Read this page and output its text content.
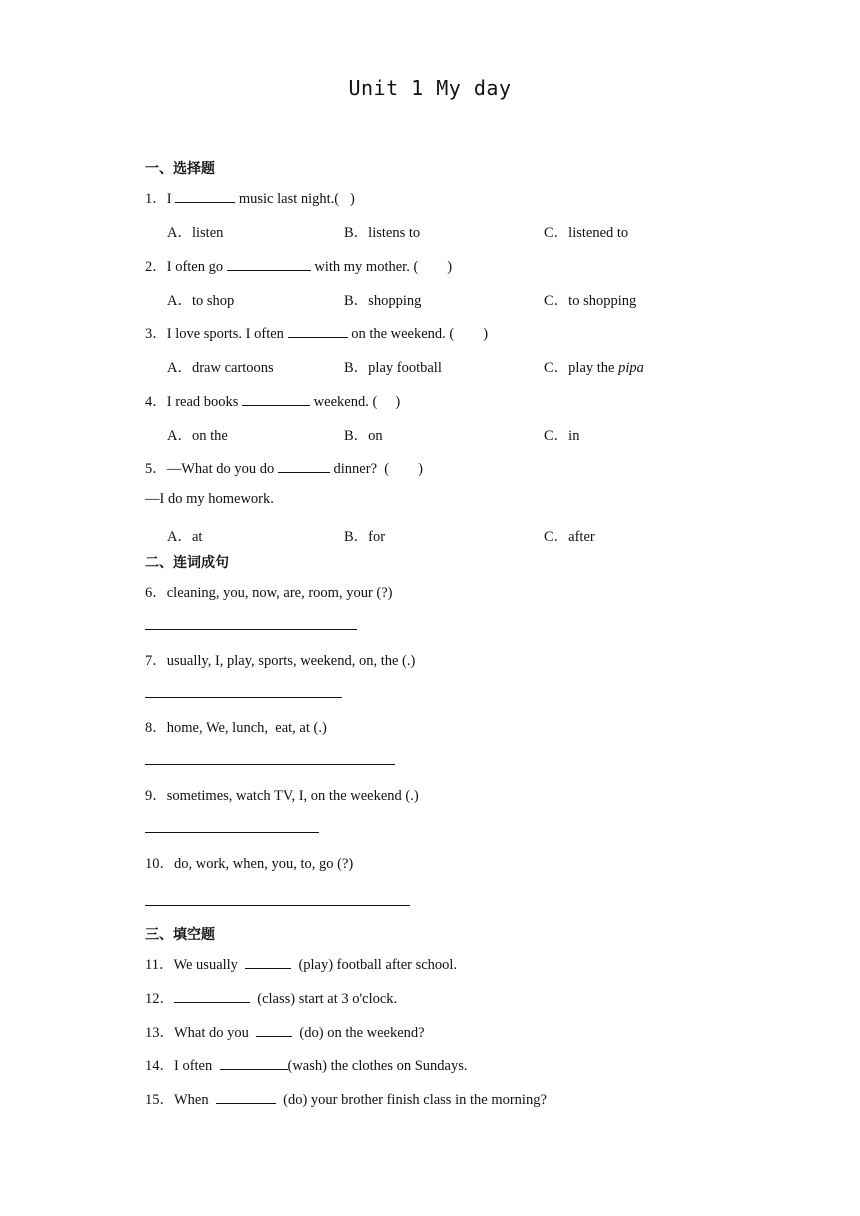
Unit 1 My day
一、选择题
1．I	music last night.(   )
A．listen	B．listens to	C．listened to
2．I often go	with my mother. (        )
A．to shop	B．shopping	C．to shopping
3．I love sports. I often	on the weekend. (        )
A．draw cartoons	B．play football	C．play the pipa
4．I read books	weekend. (     )
A．on the	B．on	C．in
5．—What do you do	dinner?  (        )
—I do my homework.
A．at	B．for	C．after
二、连词成句
6．cleaning, you, now, are, room, your (?)
7．usually, I, play, sports, weekend, on, the (.)
8．home, We, lunch,  eat, at (.)
9．sometimes, watch TV, I, on the weekend (.)
10．do, work, when, you, to, go (?)
三、填空题
11．We usually	(play) football after school.
12．	(class) start at 3 o'clock.
13．What do you    (do) on the weekend?
14．I often	(wash) the clothes on Sundays.
15．When	(do) your brother finish class in the morning?
